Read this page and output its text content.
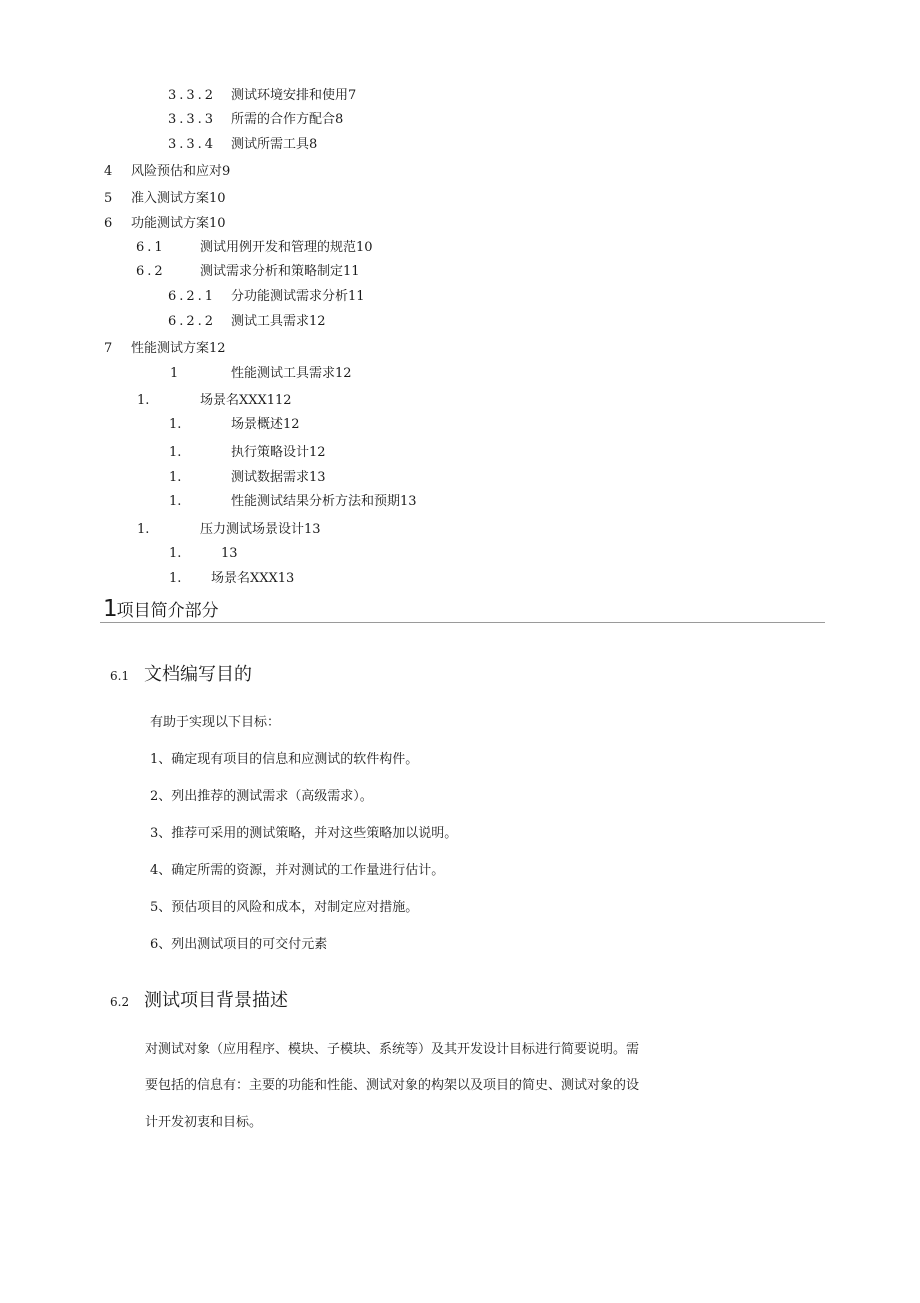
3.3.2 测试环境安排和使用7
3.3.3 所需的合作方配合8
3.3.4 测试所需工具8
4 风险预估和应对9
5 准入测试方案10
6 功能测试方案10
6.1	测试用例开发和管理的规范10
6.2	测试需求分析和策略制定11
6.2.1 分功能测试需求分析11
6.2.2 测试工具需求12
7 性能测试方案12
1	性能测试工具需求12
1.	场景名XXX112
1.	场景概述12
1.	执行策略设计12
1.	测试数据需求13
1.	性能测试结果分析方法和预期13
1.	压力测试场景设计13
1.	13
1. 场景名XXX13
1项目简介部分
6.1 文档编写目的
有助于实现以下目标：
1、确定现有项目的信息和应测试的软件构件。
2、列出推荐的测试需求（高级需求）。
3、推荐可采用的测试策略，并对这些策略加以说明。
4、确定所需的资源，并对测试的工作量进行估计。
5、预估项目的风险和成本，对制定应对措施。
6、列出测试项目的可交付元素
6.2 测试项目背景描述
对测试对象（应用程序、模块、子模块、系统等）及其开发设计目标进行简要说明。需
要包括的信息有：主要的功能和性能、测试对象的构架以及项目的简史、测试对象的设
计开发初衷和目标。
